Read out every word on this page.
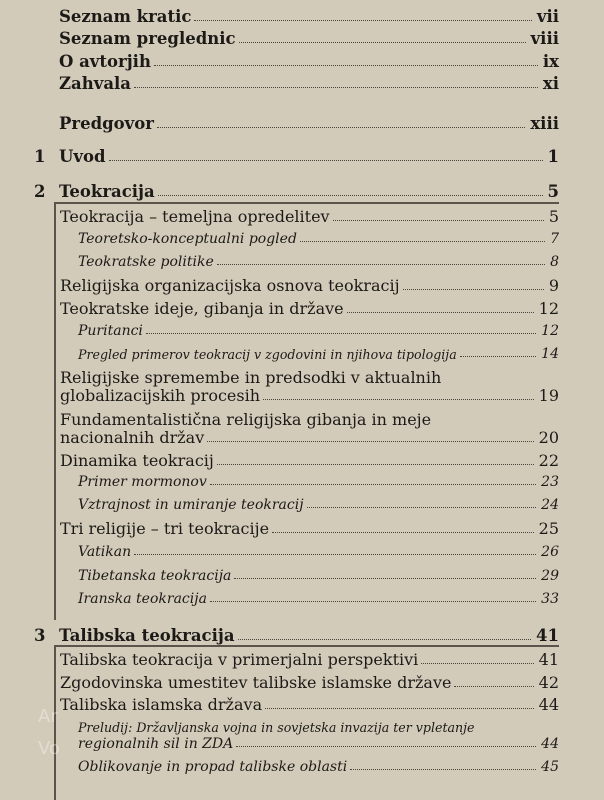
Seznam kratic	vii
Seznam preglednic	viii
O avtorjih	ix
Zahvala	xi
Predgovor	xiii
1 Uvod	1
2 Teokracija	5
Teokracija – temeljna opredelitev	5
Teoretsko-konceptualni pogled	7
Teokratske politike	8
Religijska organizacijska osnova teokracij	9
Teokratske ideje, gibanja in države	12
Puritanci	12
Pregled primerov teokracij v zgodovini in njihova tipologija	14
Religijske spremembe in predsodki v aktualnih
globalizacijskih procesih	19
Fundamentalistična religijska gibanja in meje
nacionalnih držav	20
Dinamika teokracij	22
Primer mormonov	23
Vztrajnost in umiranje teokracij	24
Tri religije – tri teokracije	25
Vatikan	26
Tibetanska teokracija	29
Iranska teokracija	33
3 Talibska teokracija	41
Talibska teokracija v primerjalni perspektivi	41
Zgodovinska umestitev talibske islamske države	42
Talibska islamska država	44
Preludij: Državljanska vojna in sovjetska invazija ter vpletanje
regionalnih sil in ZDA	44
Oblikovanje in propad talibske oblasti	45
Ar
Vo
